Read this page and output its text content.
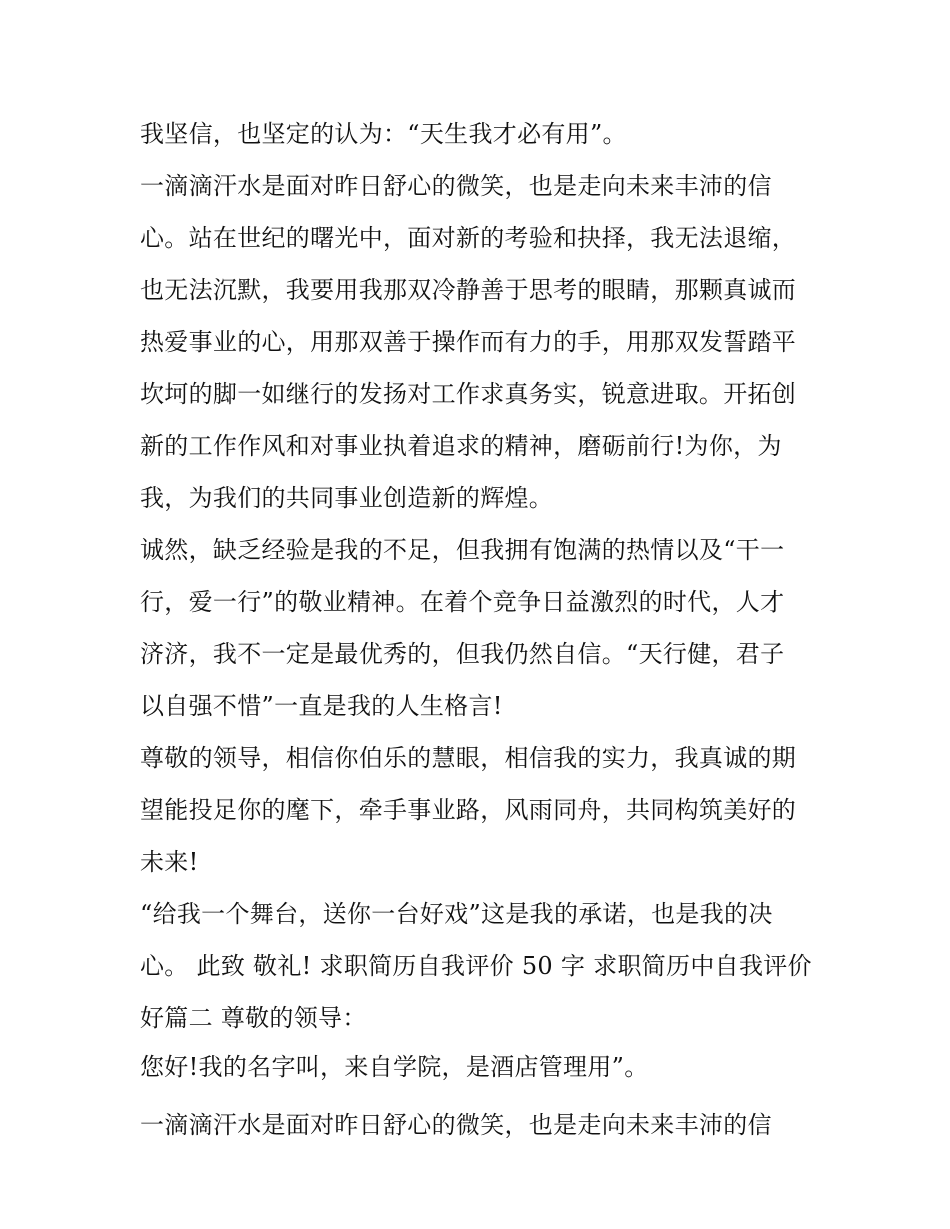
我坚信，也坚定的认为：“天生我才必有用”。
一滴滴汗水是面对昨日舒心的微笑，也是走向未来丰沛的信
心。站在世纪的曙光中，面对新的考验和抉择，我无法退缩，
也无法沉默，我要用我那双冷静善于思考的眼睛，那颗真诚而
热爱事业的心，用那双善于操作而有力的手，用那双发誓踏平
坎坷的脚一如继行的发扬对工作求真务实，锐意进取。开拓创
新的工作作风和对事业执着追求的精神，磨砺前行!为你，为
我，为我们的共同事业创造新的辉煌。
诚然，缺乏经验是我的不足，但我拥有饱满的热情以及“干一
行，爱一行”的敬业精神。在着个竞争日益激烈的时代，人才
济济，我不一定是最优秀的，但我仍然自信。“天行健，君子
以自强不惜”一直是我的人生格言!
尊敬的领导，相信你伯乐的慧眼，相信我的实力，我真诚的期
望能投足你的麾下，牵手事业路，风雨同舟，共同构筑美好的
未来!
“给我一个舞台，送你一台好戏”这是我的承诺，也是我的决
心。 此致 敬礼! 求职简历自我评价 50 字 求职简历中自我评价
好篇二 尊敬的领导：
您好!我的名字叫，来自学院，是酒店管理用”。
一滴滴汗水是面对昨日舒心的微笑，也是走向未来丰沛的信
